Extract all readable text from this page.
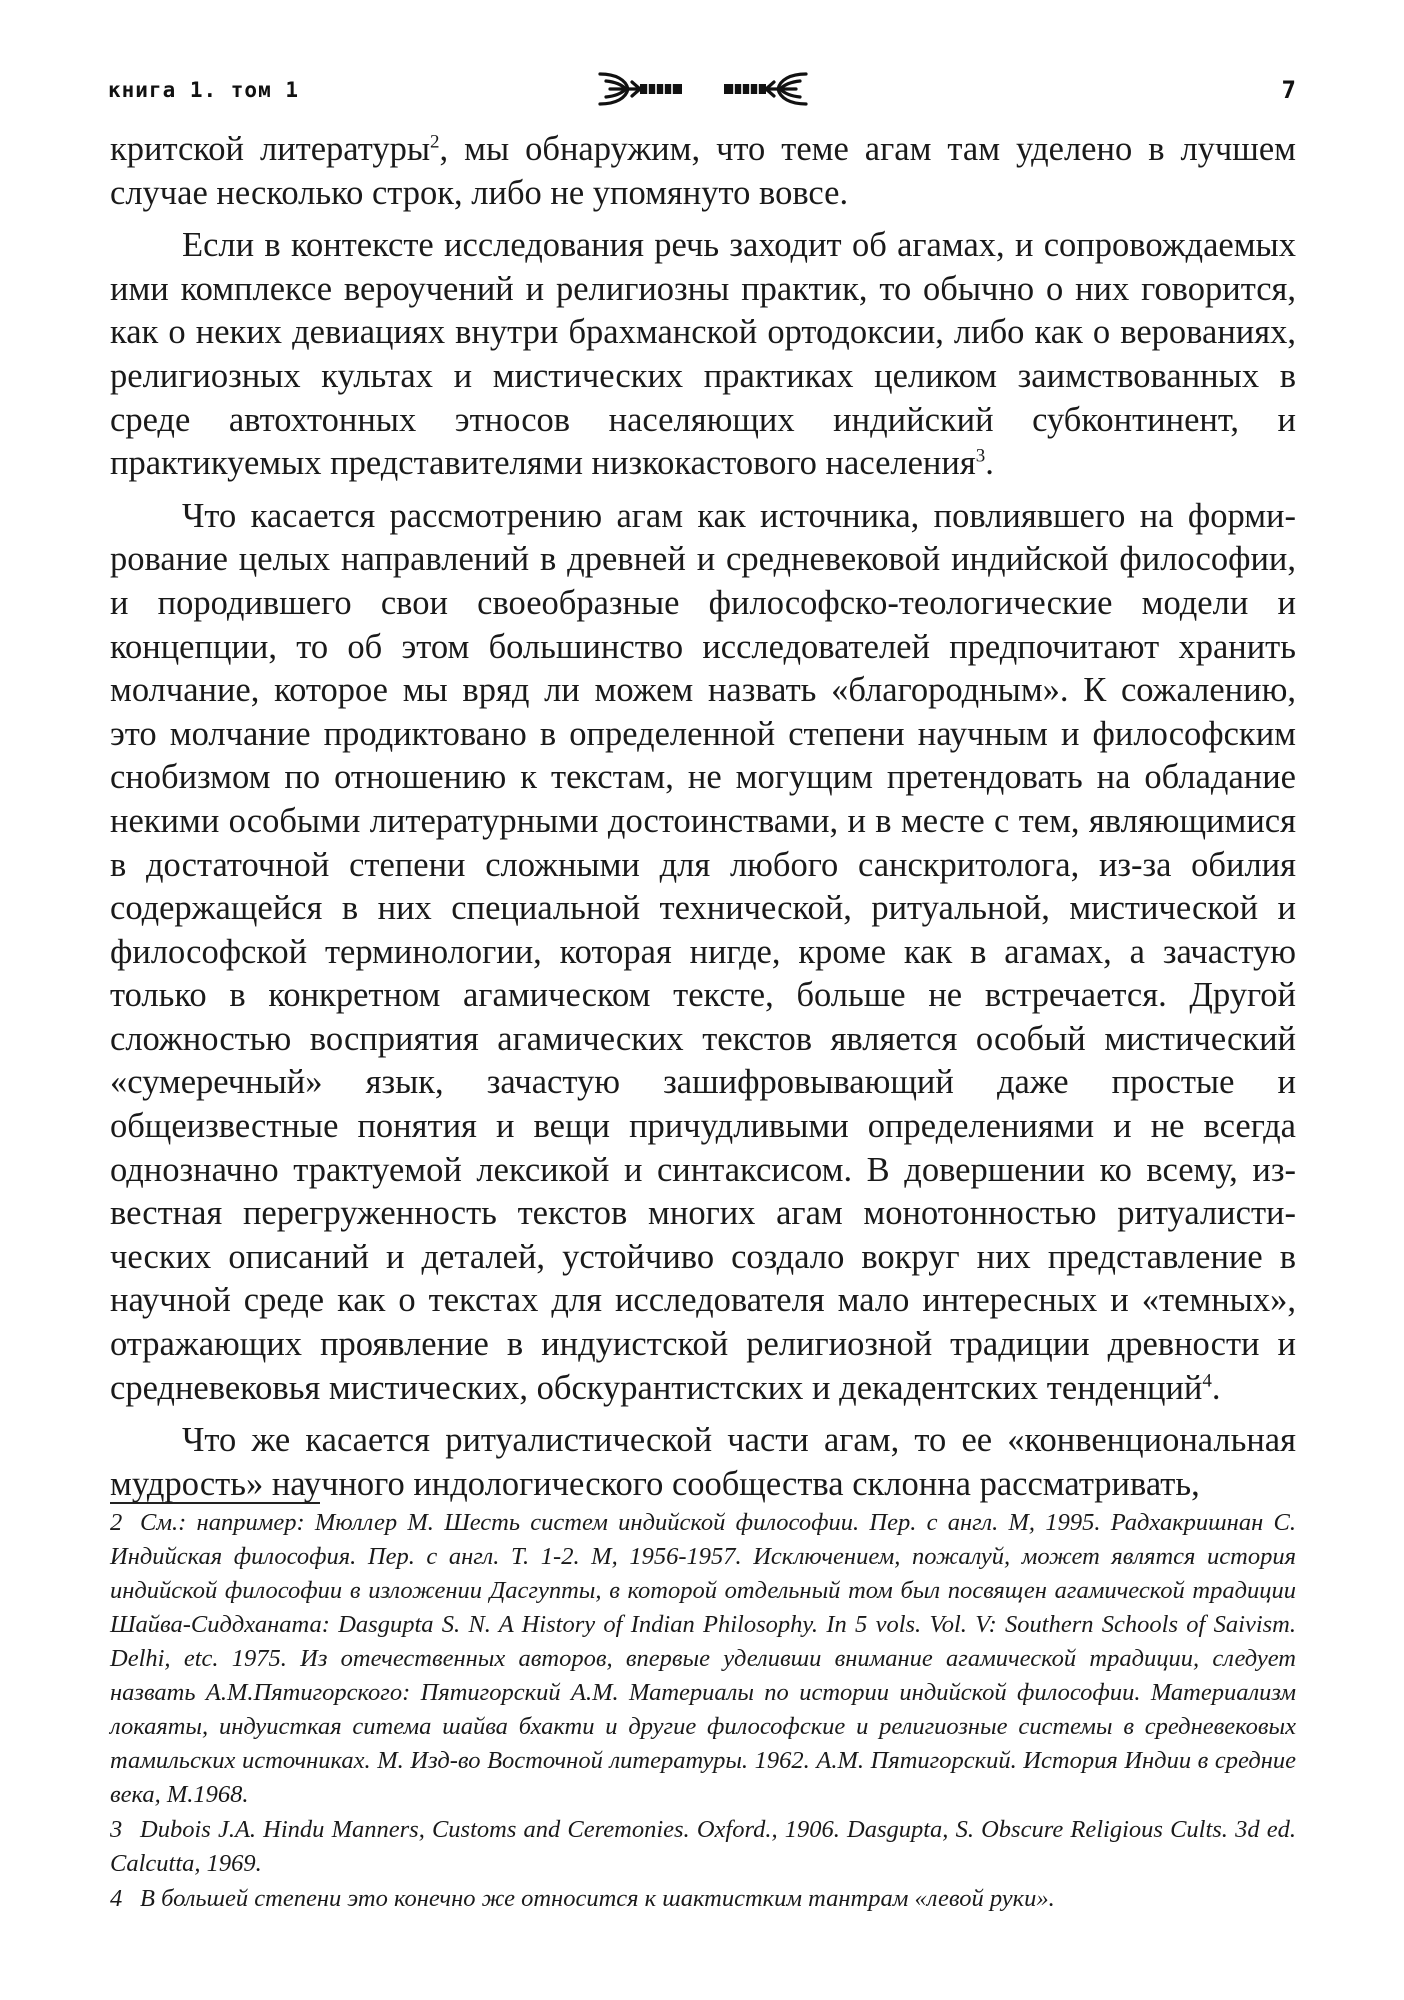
книга 1. том 1	7

критской литературы$^2$, мы обнаружим, что теме агам там уделено в лучшем случае несколько строк, либо не упомянуто вовсе.

Если в контексте исследования речь заходит об агамах, и сопровождаемых ими комплексе вероучений и религиозны практик, то обычно о них говорится, как о неких девиациях внутри брахманской ортодоксии, либо как о верованиях, религиозных культах и мистических практиках целиком заимствованных в среде автохтонных этносов населяющих индийский субконтинент, и практикуемых представителями низкокастового населения$^3$.

Что касается рассмотрению агам как источника, повлиявшего на формирование целых направлений в древней и средневековой индийской философии, и породившего свои своеобразные философско-теологические модели и концепции, то об этом большинство исследователей предпочитают хранить молчание, которое мы вряд ли можем назвать «благородным». К сожалению, это молчание продиктовано в определенной степени научным и философским снобизмом по отношению к текстам, не могущим претендовать на обладание некими особыми литературными достоинствами, и в месте с тем, являющимися в достаточной степени сложными для любого санскритолога, из-за обилия содержащейся в них специальной технической, ритуальной, мистической и философской терминологии, которая нигде, кроме как в агамах, а зачастую только в конкретном агамическом тексте, больше не встречается. Другой сложностью восприятия агамических текстов является особый мистический «сумеречный» язык, зачастую зашифровывающий даже простые и общеизвестные понятия и вещи причудливыми определениями и не всегда однозначно трактуемой лексикой и синтаксисом. В довершении ко всему, известная перегруженность текстов многих агам монотонностью ритуалистических описаний и деталей, устойчиво создало вокруг них представление в научной среде как о текстах для исследователя мало интересных и «темных», отражающих проявление в индуистской религиозной традиции древности и средневековья мистических, обскурантистских и декадентских тенденций$^4$.

Что же касается ритуалистической части агам, то ее «конвенциональная мудрость» научного индологического сообщества склонна рассматривать,

2 См.: например: Мюллер М. Шесть систем индийской философии. Пер. с англ. М, 1995. Радхакришнан С. Индийская философия. Пер. с англ. Т. 1-2. М, 1956-1957. Исключением, пожалуй, может являтся история индийской философии в изложении Дасгупты, в которой отдельный том был посвящен агамической традиции Шайва-Сиддханата: Dasgupta S. N. A History of Indian Philosophy. In 5 vols. Vol. V: Southern Schools of Saivism. Delhi, etc. 1975. Из отечественных авторов, впервые уделивши внимание агамической традиции, следует назвать А.М.Пятигорского: Пятигорский А.М. Материалы по истории индийской философии. Материализм локаяты, индуисткая ситема шайва бхакти и другие философские и религиозные системы в средневековых тамильских источниках. М. Изд-во Восточной литературы. 1962. А.М. Пятигорский. История Индии в средние века, М.1968.

3 Dubois J.A. Hindu Manners, Customs and Ceremonies. Oxford., 1906. Dasgupta, S. Obscure Religious Cults. 3d ed. Calcutta, 1969.

4 В большей степени это конечно же относится к шактистким тантрам «левой руки».
